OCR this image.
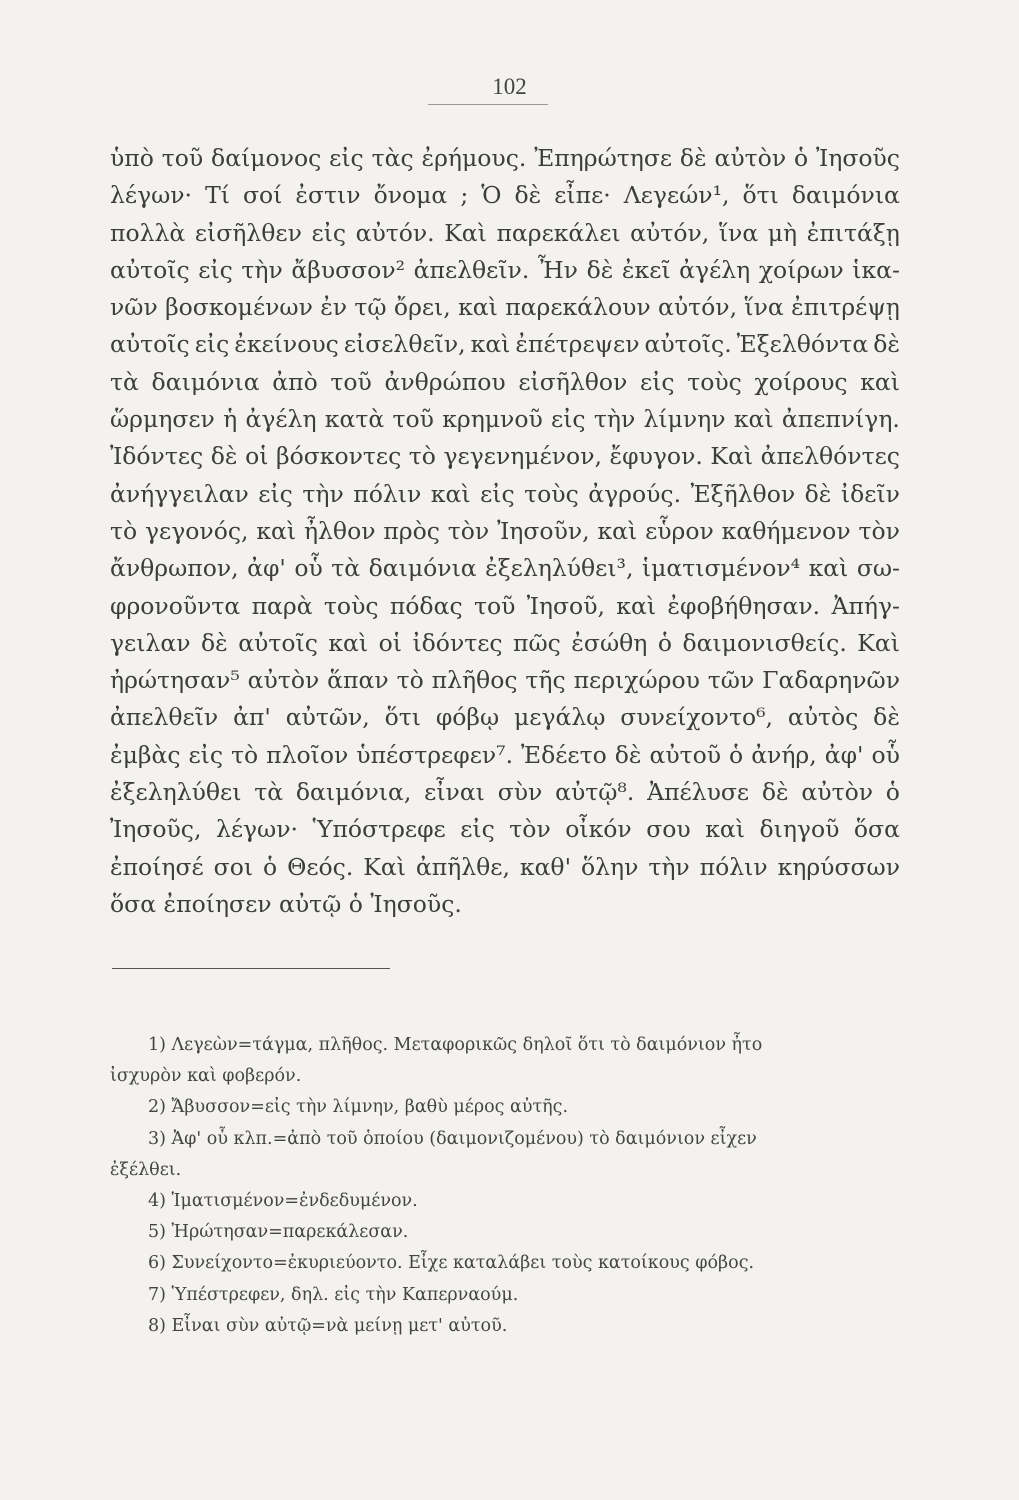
102
ὑπὸ τοῦ δαίμονος εἰς τὰς ἐρήμους. Ἐπηρώτησε δὲ αὐτὸν ὁ Ἰησοῦς
λέγων· Τί σοί ἐστιν ὄνομα ; Ὁ δὲ εἶπε· Λεγεών¹, ὅτι δαιμόνια
πολλὰ εἰσῆλθεν εἰς αὐτόν. Καὶ παρεκάλει αὐτόν, ἵνα μὴ ἐπιτάξῃ
αὐτοῖς εἰς τὴν ἄβυσσον² ἀπελθεῖν. Ἦν δὲ ἐκεῖ ἀγέλη χοίρων ἱκα-
νῶν βοσκομένων ἐν τῷ ὄρει, καὶ παρεκάλουν αὐτόν, ἵνα ἐπιτρέψῃ
αὐτοῖς εἰς ἐκείνους εἰσελθεῖν, καὶ ἐπέτρεψεν αὐτοῖς. Ἐξελθόντα δὲ
τὰ δαιμόνια ἀπὸ τοῦ ἀνθρώπου εἰσῆλθον εἰς τοὺς χοίρους καὶ
ὥρμησεν ἡ ἀγέλη κατὰ τοῦ κρημνοῦ εἰς τὴν λίμνην καὶ ἀπεπνίγη.
Ἰδόντες δὲ οἱ βόσκοντες τὸ γεγενημένον, ἔφυγον. Καὶ ἀπελθόντες
ἀνήγγειλαν εἰς τὴν πόλιν καὶ εἰς τοὺς ἀγρούς. Ἐξῆλθον δὲ ἰδεῖν
τὸ γεγονός, καὶ ἦλθον πρὸς τὸν Ἰησοῦν, καὶ εὗρον καθήμενον τὸν
ἄνθρωπον, ἀφ' οὗ τὰ δαιμόνια ἐξεληλύθει³, ἱματισμένον⁴ καὶ σω-
φρονοῦντα παρὰ τοὺς πόδας τοῦ Ἰησοῦ, καὶ ἐφοβήθησαν. Ἀπήγ-
γειλαν δὲ αὐτοῖς καὶ οἱ ἰδόντες πῶς ἐσώθη ὁ δαιμονισθείς. Καὶ
ἠρώτησαν⁵ αὐτὸν ἅπαν τὸ πλῆθος τῆς περιχώρου τῶν Γαδαρηνῶν
ἀπελθεῖν ἀπ' αὐτῶν, ὅτι φόβῳ μεγάλῳ συνείχοντο⁶, αὐτὸς δὲ
ἐμβὰς εἰς τὸ πλοῖον ὑπέστρεφεν⁷. Ἐδέετο δὲ αὐτοῦ ὁ ἀνήρ, ἀφ' οὗ
ἐξεληλύθει τὰ δαιμόνια, εἶναι σὺν αὐτῷ⁸. Ἀπέλυσε δὲ αὐτὸν ὁ
Ἰησοῦς, λέγων· Ὑπόστρεφε εἰς τὸν οἶκόν σου καὶ διηγοῦ ὅσα
ἐποίησέ σοι ὁ Θεός. Καὶ ἀπῆλθε, καθ' ὅλην τὴν πόλιν κηρύσσων
ὅσα ἐποίησεν αὐτῷ ὁ Ἰησοῦς.
1) Λεγεὼν=τάγμα, πλῆθος. Μεταφορικῶς δηλοῖ ὅτι τὸ δαιμόνιον ἦτο
ἰσχυρὸν καὶ φοβερόν.
2) Ἄβυσσον=εἰς τὴν λίμνην, βαθὺ μέρος αὐτῆς.
3) Ἀφ' οὗ κλπ.=ἀπὸ τοῦ ὁποίου (δαιμονιζομένου) τὸ δαιμόνιον εἶχεν
ἐξέλθει.
4) Ἱματισμένον=ἐνδεδυμένον.
5) Ἠρώτησαν=παρεκάλεσαν.
6) Συνείχοντο=ἐκυριεύοντο. Εἶχε καταλάβει τοὺς κατοίκους φόβος.
7) Ὑπέστρεφεν, δηλ. εἰς τὴν Καπερναούμ.
8) Εἶναι σὺν αὐτῷ=νὰ μείνῃ μετ' αὐτοῦ.
